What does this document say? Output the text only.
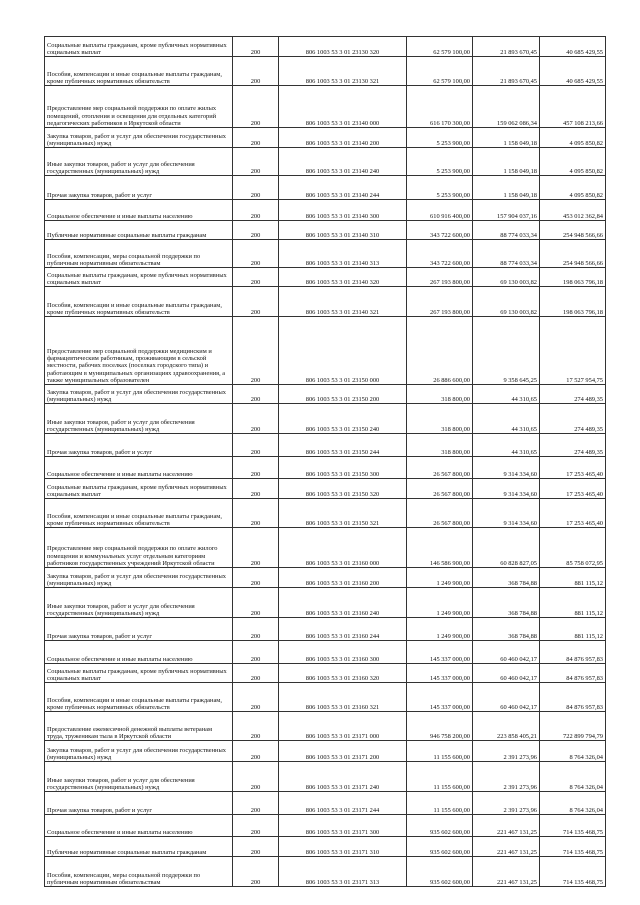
Социальные выплаты гражданам, кроме публичных нормативных социальных выплат	200	806 1003 53 3 01 23130 320	62 579 100,00	21 893 670,45	40 685 429,55
Пособия, компенсации и иные социальные выплаты гражданам, кроме публичных нормативных обязательств	200	806 1003 53 3 01 23130 321	62 579 100,00	21 893 670,45	40 685 429,55
Предоставление мер социальной поддержки по оплате жилых помещений, отопления и освещения для отдельных категорий педагогических работников в Иркутской области	200	806 1003 53 3 01 23140 000	616 170 300,00	159 062 086,34	457 108 213,66
Закупка товаров, работ и услуг для обеспечения государственных (муниципальных) нужд	200	806 1003 53 3 01 23140 200	5 253 900,00	1 158 049,18	4 095 850,82
Иные закупки товаров, работ и услуг для обеспечения государственных (муниципальных) нужд	200	806 1003 53 3 01 23140 240	5 253 900,00	1 158 049,18	4 095 850,82
Прочая закупка товаров, работ и услуг	200	806 1003 53 3 01 23140 244	5 253 900,00	1 158 049,18	4 095 850,82
Социальное обеспечение и иные выплаты населению	200	806 1003 53 3 01 23140 300	610 916 400,00	157 904 037,16	453 012 362,84
Публичные нормативные социальные выплаты гражданам	200	806 1003 53 3 01 23140 310	343 722 600,00	88 774 033,34	254 948 566,66
Пособия, компенсации, меры социальной поддержки по публичным нормативным обязательствам	200	806 1003 53 3 01 23140 313	343 722 600,00	88 774 033,34	254 948 566,66
Социальные выплаты гражданам, кроме публичных нормативных социальных выплат	200	806 1003 53 3 01 23140 320	267 193 800,00	69 130 003,82	198 063 796,18
Пособия, компенсации и иные социальные выплаты гражданам, кроме публичных нормативных обязательств	200	806 1003 53 3 01 23140 321	267 193 800,00	69 130 003,82	198 063 796,18
Предоставление мер социальной поддержки медицинским и фармацевтическим работникам, проживающим в сельской местности, рабочих поселках (поселках городского типа) и работающим в муниципальных организациях здравоохранения, а также муниципальных образователен	200	806 1003 53 3 01 23150 000	26 886 600,00	9 358 645,25	17 527 954,75
Закупка товаров, работ и услуг для обеспечения государственных (муниципальных) нужд	200	806 1003 53 3 01 23150 200	318 800,00	44 310,65	274 489,35
Иные закупки товаров, работ и услуг для обеспечения государственных (муниципальных) нужд	200	806 1003 53 3 01 23150 240	318 800,00	44 310,65	274 489,35
Прочая закупка товаров, работ и услуг	200	806 1003 53 3 01 23150 244	318 800,00	44 310,65	274 489,35
Социальное обеспечение и иные выплаты населению	200	806 1003 53 3 01 23150 300	26 567 800,00	9 314 334,60	17 253 465,40
Социальные выплаты гражданам, кроме публичных нормативных социальных выплат	200	806 1003 53 3 01 23150 320	26 567 800,00	9 314 334,60	17 253 465,40
Пособия, компенсации и иные социальные выплаты гражданам, кроме публичных нормативных обязательств	200	806 1003 53 3 01 23150 321	26 567 800,00	9 314 334,60	17 253 465,40
Предоставление мер социальной поддержки по оплате жилого помещения и коммунальных услуг отдельным категориям работников государственных учреждений Иркутской области	200	806 1003 53 3 01 23160 000	146 586 900,00	60 828 827,05	85 758 072,95
Закупка товаров, работ и услуг для обеспечения государственных (муниципальных) нужд	200	806 1003 53 3 01 23160 200	1 249 900,00	368 784,88	881 115,12
Иные закупки товаров, работ и услуг для обеспечения государственных (муниципальных) нужд	200	806 1003 53 3 01 23160 240	1 249 900,00	368 784,88	881 115,12
Прочая закупка товаров, работ и услуг	200	806 1003 53 3 01 23160 244	1 249 900,00	368 784,88	881 115,12
Социальное обеспечение и иные выплаты населению	200	806 1003 53 3 01 23160 300	145 337 000,00	60 460 042,17	84 876 957,83
Социальные выплаты гражданам, кроме публичных нормативных социальных выплат	200	806 1003 53 3 01 23160 320	145 337 000,00	60 460 042,17	84 876 957,83
Пособия, компенсации и иные социальные выплаты гражданам, кроме публичных нормативных обязательств	200	806 1003 53 3 01 23160 321	145 337 000,00	60 460 042,17	84 876 957,83
Предоставление ежемесячной денежной выплаты ветеранам труда, труженикам тыла в Иркутской области	200	806 1003 53 3 01 23171 000	946 758 200,00	223 858 405,21	722 899 794,79
Закупка товаров, работ и услуг для обеспечения государственных (муниципальных) нужд	200	806 1003 53 3 01 23171 200	11 155 600,00	2 391 273,96	8 764 326,04
Иные закупки товаров, работ и услуг для обеспечения государственных (муниципальных) нужд	200	806 1003 53 3 01 23171 240	11 155 600,00	2 391 273,96	8 764 326,04
Прочая закупка товаров, работ и услуг	200	806 1003 53 3 01 23171 244	11 155 600,00	2 391 273,96	8 764 326,04
Социальное обеспечение и иные выплаты населению	200	806 1003 53 3 01 23171 300	935 602 600,00	221 467 131,25	714 135 468,75
Публичные нормативные социальные выплаты гражданам	200	806 1003 53 3 01 23171 310	935 602 600,00	221 467 131,25	714 135 468,75
Пособия, компенсации, меры социальной поддержки по публичным нормативным обязательствам	200	806 1003 53 3 01 23171 313	935 602 600,00	221 467 131,25	714 135 468,75
